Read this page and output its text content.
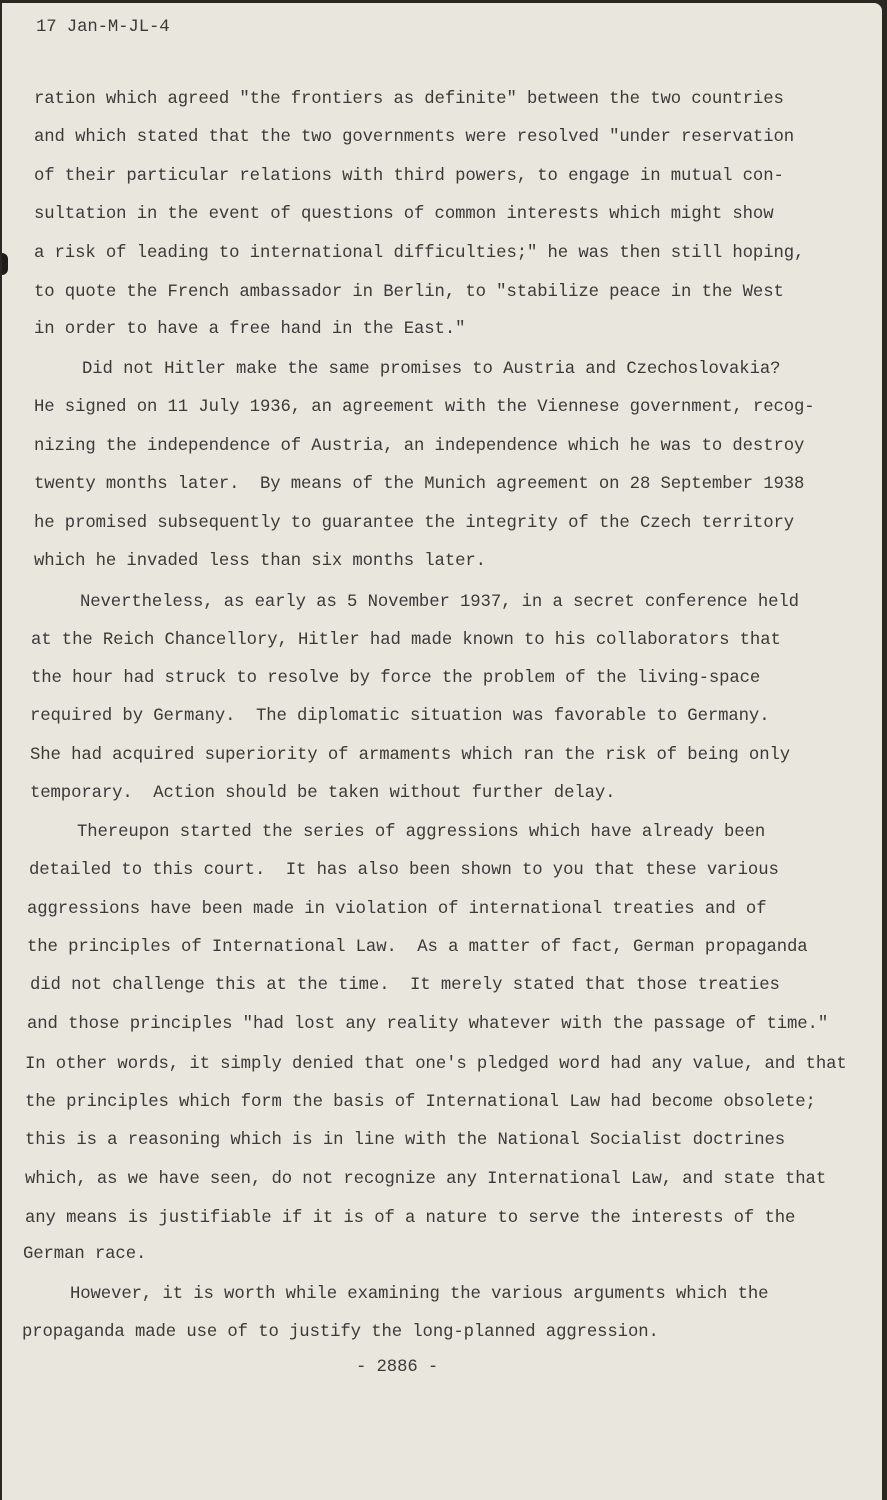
17 Jan-M-JL-4
ration which agreed "the frontiers as definite" between the two countries
and which stated that the two governments were resolved "under reservation
of their particular relations with third powers, to engage in mutual con-
sultation in the event of questions of common interests which might show
a risk of leading to international difficulties;" he was then still hoping,
to quote the French ambassador in Berlin, to "stabilize peace in the West
in order to have a free hand in the East."
Did not Hitler make the same promises to Austria and Czechoslovakia?
He signed on 11 July 1936, an agreement with the Viennese government, recog-
nizing the independence of Austria, an independence which he was to destroy
twenty months later.  By means of the Munich agreement on 28 September 1938
he promised subsequently to guarantee the integrity of the Czech territory
which he invaded less than six months later.
Nevertheless, as early as 5 November 1937, in a secret conference held
at the Reich Chancellory, Hitler had made known to his collaborators that
the hour had struck to resolve by force the problem of the living-space
required by Germany.  The diplomatic situation was favorable to Germany.
She had acquired superiority of armaments which ran the risk of being only
temporary.  Action should be taken without further delay.
Thereupon started the series of aggressions which have already been
detailed to this court.  It has also been shown to you that these various
aggressions have been made in violation of international treaties and of
the principles of International Law.  As a matter of fact, German propaganda
did not challenge this at the time.  It merely stated that those treaties
and those principles "had lost any reality whatever with the passage of time."
In other words, it simply denied that one's pledged word had any value, and that
the principles which form the basis of International Law had become obsolete;
this is a reasoning which is in line with the National Socialist doctrines
which, as we have seen, do not recognize any International Law, and state that
any means is justifiable if it is of a nature to serve the interests of the
German race.
However, it is worth while examining the various arguments which the
propaganda made use of to justify the long-planned aggression.
- 2886 -
